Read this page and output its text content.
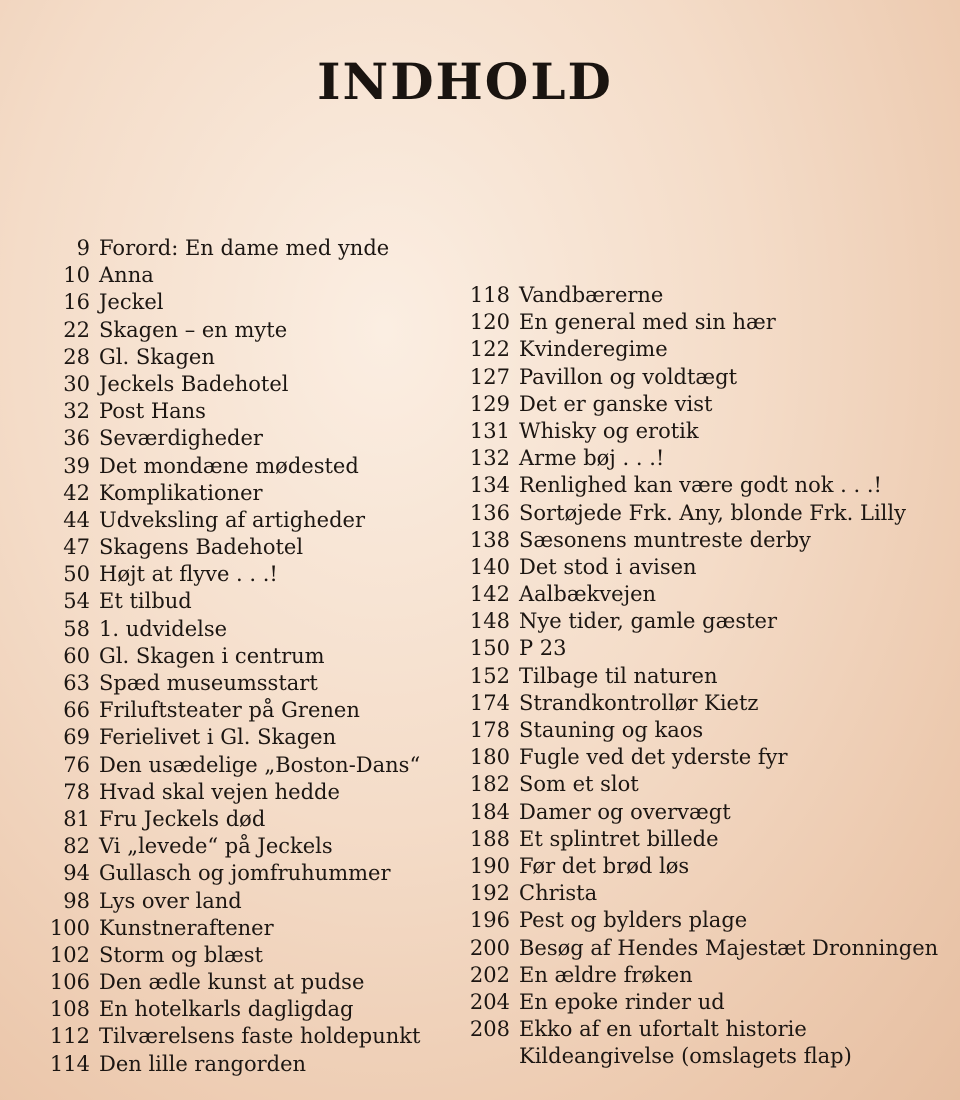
INDHOLD
9 Forord: En dame med ynde
10 Anna
16 Jeckel
22 Skagen – en myte
28 Gl. Skagen
30 Jeckels Badehotel
32 Post Hans
36 Seværdigheder
39 Det mondæne mødested
42 Komplikationer
44 Udveksling af artigheder
47 Skagens Badehotel
50 Højt at flyve . . .!
54 Et tilbud
58 1. udvidelse
60 Gl. Skagen i centrum
63 Spæd museumsstart
66 Friluftsteater på Grenen
69 Ferielivet i Gl. Skagen
76 Den usædelige „Boston-Dans“
78 Hvad skal vejen hedde
81 Fru Jeckels død
82 Vi „levede“ på Jeckels
94 Gullasch og jomfruhummer
98 Lys over land
100 Kunstneraftener
102 Storm og blæst
106 Den ædle kunst at pudse
108 En hotelkarls dagligdag
112 Tilværelsens faste holdepunkt
114 Den lille rangorden
118 Vandbærerne
120 En general med sin hær
122 Kvinderegime
127 Pavillon og voldtægt
129 Det er ganske vist
131 Whisky og erotik
132 Arme bøj . . .!
134 Renlighed kan være godt nok . . .!
136 Sortøjede Frk. Any, blonde Frk. Lilly
138 Sæsonens muntreste derby
140 Det stod i avisen
142 Aalbækvejen
148 Nye tider, gamle gæster
150 P 23
152 Tilbage til naturen
174 Strandkontrollør Kietz
178 Stauning og kaos
180 Fugle ved det yderste fyr
182 Som et slot
184 Damer og overvægt
188 Et splintret billede
190 Før det brød løs
192 Christa
196 Pest og bylders plage
200 Besøg af Hendes Majestæt Dronningen
202 En ældre frøken
204 En epoke rinder ud
208 Ekko af en ufortalt historie
Kildeangivelse (omslagets flap)
